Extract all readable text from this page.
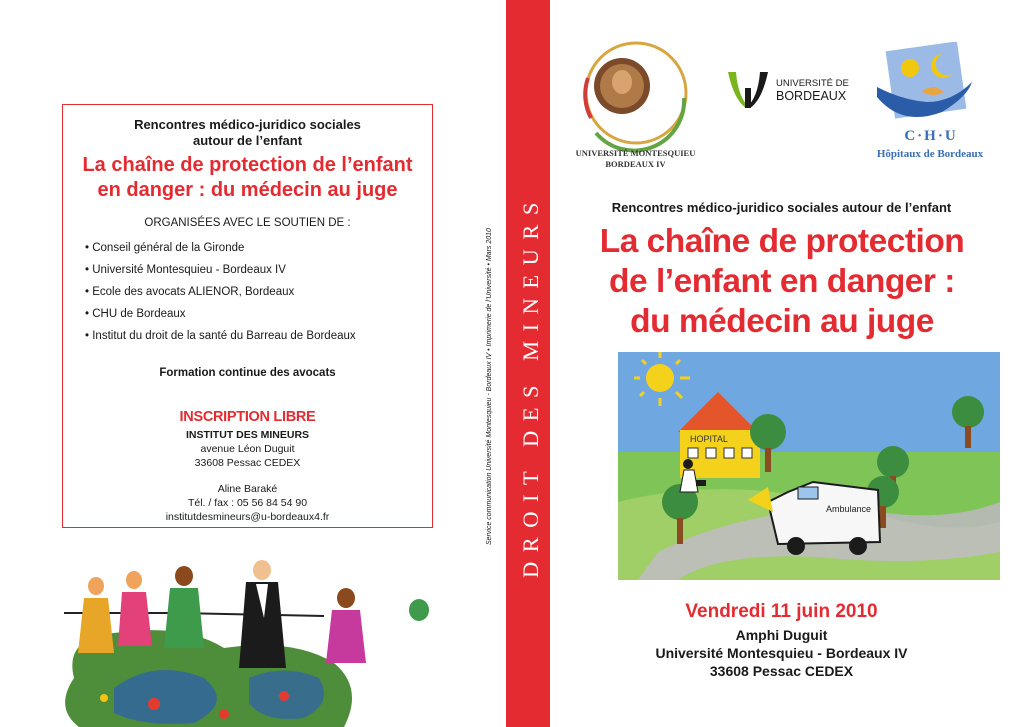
Rencontres médico-juridico sociales
autour de l’enfant
La chaîne de protection de l’enfant
en danger : du médecin au juge
ORGANISÉES AVEC LE SOUTIEN DE :
• Conseil général de la Gironde
• Université Montesquieu - Bordeaux IV
• Ecole des avocats ALIENOR, Bordeaux
• CHU de Bordeaux
• Institut du droit de la santé du Barreau de Bordeaux
Formation continue des avocats
INSCRIPTION LIBRE
INSTITUT DES MINEURS
avenue Léon Duguit
33608 Pessac CEDEX
Aline Baraké
Tél. / fax : 05 56 84 54 90
institutdesmineurs@u-bordeaux4.fr	Service communication Université Montesquieu - Bordeaux IV • Imprimerie de l’Université • Mars 2010	DROIT DES MINEURS
UNIVERSITÉ MONTESQUIEU
BORDEAUX IV
UNIVERSITÉ DE
BORDEAUX
C·H·U
Hôpitaux de Bordeaux
Rencontres médico-juridico sociales autour de l’enfant
La chaîne de protection
de l’enfant en danger :
du médecin au juge
HOPITAL
Ambulance
Vendredi 11 juin 2010
Amphi Duguit
Université Montesquieu - Bordeaux IV
33608 Pessac CEDEX
